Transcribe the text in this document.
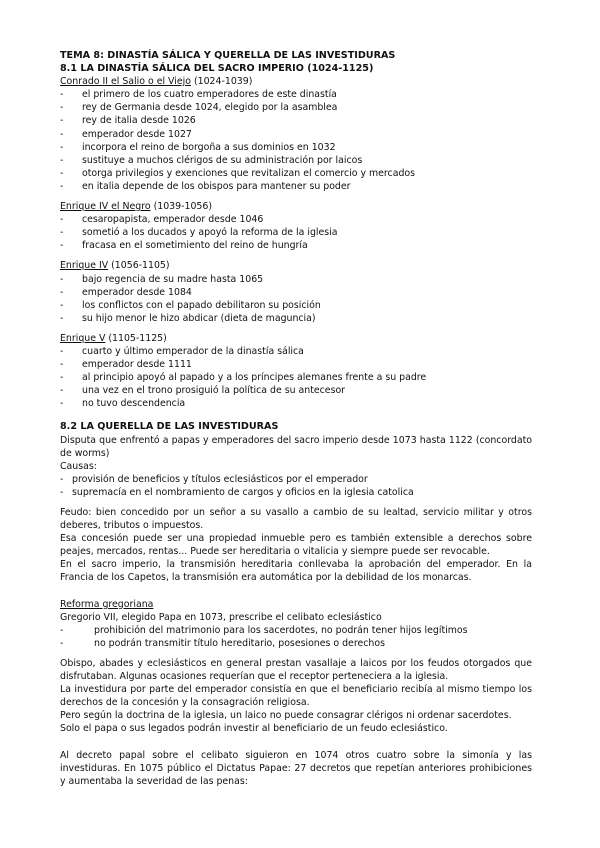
TEMA 8: DINASTÍA SÁLICA Y QUERELLA DE LAS INVESTIDURAS

8.1 LA DINASTÍA SÁLICA DEL SACRO IMPERIO (1024-1125)

Conrado II el Salio o el Viejo (1024-1039)

- el primero de los cuatro emperadores de este dinastía
- rey de Germania desde 1024, elegido por la asamblea
- rey de italia desde 1026
- emperador desde 1027
- incorpora el reino de borgoña a sus dominios en 1032
- sustituye a muchos clérigos de su administración por laicos
- otorga privilegios y exenciones que revitalizan el comercio y mercados
- en italia depende de los obispos para mantener su poder

Enrique IV el Negro (1039-1056)

- cesaropapista, emperador desde 1046
- sometió a los ducados y apoyó la reforma de la iglesia
- fracasa en el sometimiento del reino de hungría

Enrique IV (1056-1105)

- bajo regencia de su madre hasta 1065
- emperador desde 1084
- los conflictos con el papado debilitaron su posición
- su hijo menor le hizo abdicar (dieta de maguncia)

Enrique V (1105-1125)

- cuarto y último emperador de la dinastía sálica
- emperador desde 1111
- al principio apoyó al papado y a los príncipes alemanes frente a su padre
- una vez en el trono prosiguió la política de su antecesor
- no tuvo descendencia

8.2 LA QUERELLA DE LAS INVESTIDURAS

Disputa que enfrentó a papas y emperadores del sacro imperio desde 1073 hasta 1122 (concordato de worms)

Causas:

- provisión de beneficios y títulos eclesiásticos por el emperador
- supremacía en el nombramiento de cargos y oficios en la iglesia catolica

Feudo: bien concedido por un señor a su vasallo a cambio de su lealtad, servicio militar y otros deberes, tributos o impuestos.

Esa concesión puede ser una propiedad inmueble pero es también extensible a derechos sobre peajes, mercados, rentas... Puede ser hereditaria o vitalicia y siempre puede ser revocable.

En el sacro imperio, la transmisión hereditaria conllevaba la aprobación del emperador. En la Francia de los Capetos, la transmisión era automática por la debilidad de los monarcas.

Reforma gregoriana

Gregorio VII, elegido Papa en 1073, prescribe el celibato eclesiástico

- prohibición del matrimonio para los sacerdotes, no podrán tener hijos legítimos
- no podrán transmitir título hereditario, posesiones o derechos

Obispo, abades y eclesiásticos en general prestan vasallaje a laicos por los feudos otorgados que disfrutaban. Algunas ocasiones requerían que el receptor perteneciera a la iglesia.

La investidura por parte del emperador consistía en que el beneficiario recibía al mismo tiempo los derechos de la concesión y la consagración religiosa.

Pero según la doctrina de la iglesia, un laico no puede consagrar clérigos ni ordenar sacerdotes.

Solo el papa o sus legados podrán investir al beneficiario de un feudo eclesiástico.

Al decreto papal sobre el celibato siguieron en 1074 otros cuatro sobre la simonía y las investiduras. En 1075 público el Dictatus Papae: 27 decretos que repetían anteriores prohibiciones y aumentaba la severidad de las penas:
